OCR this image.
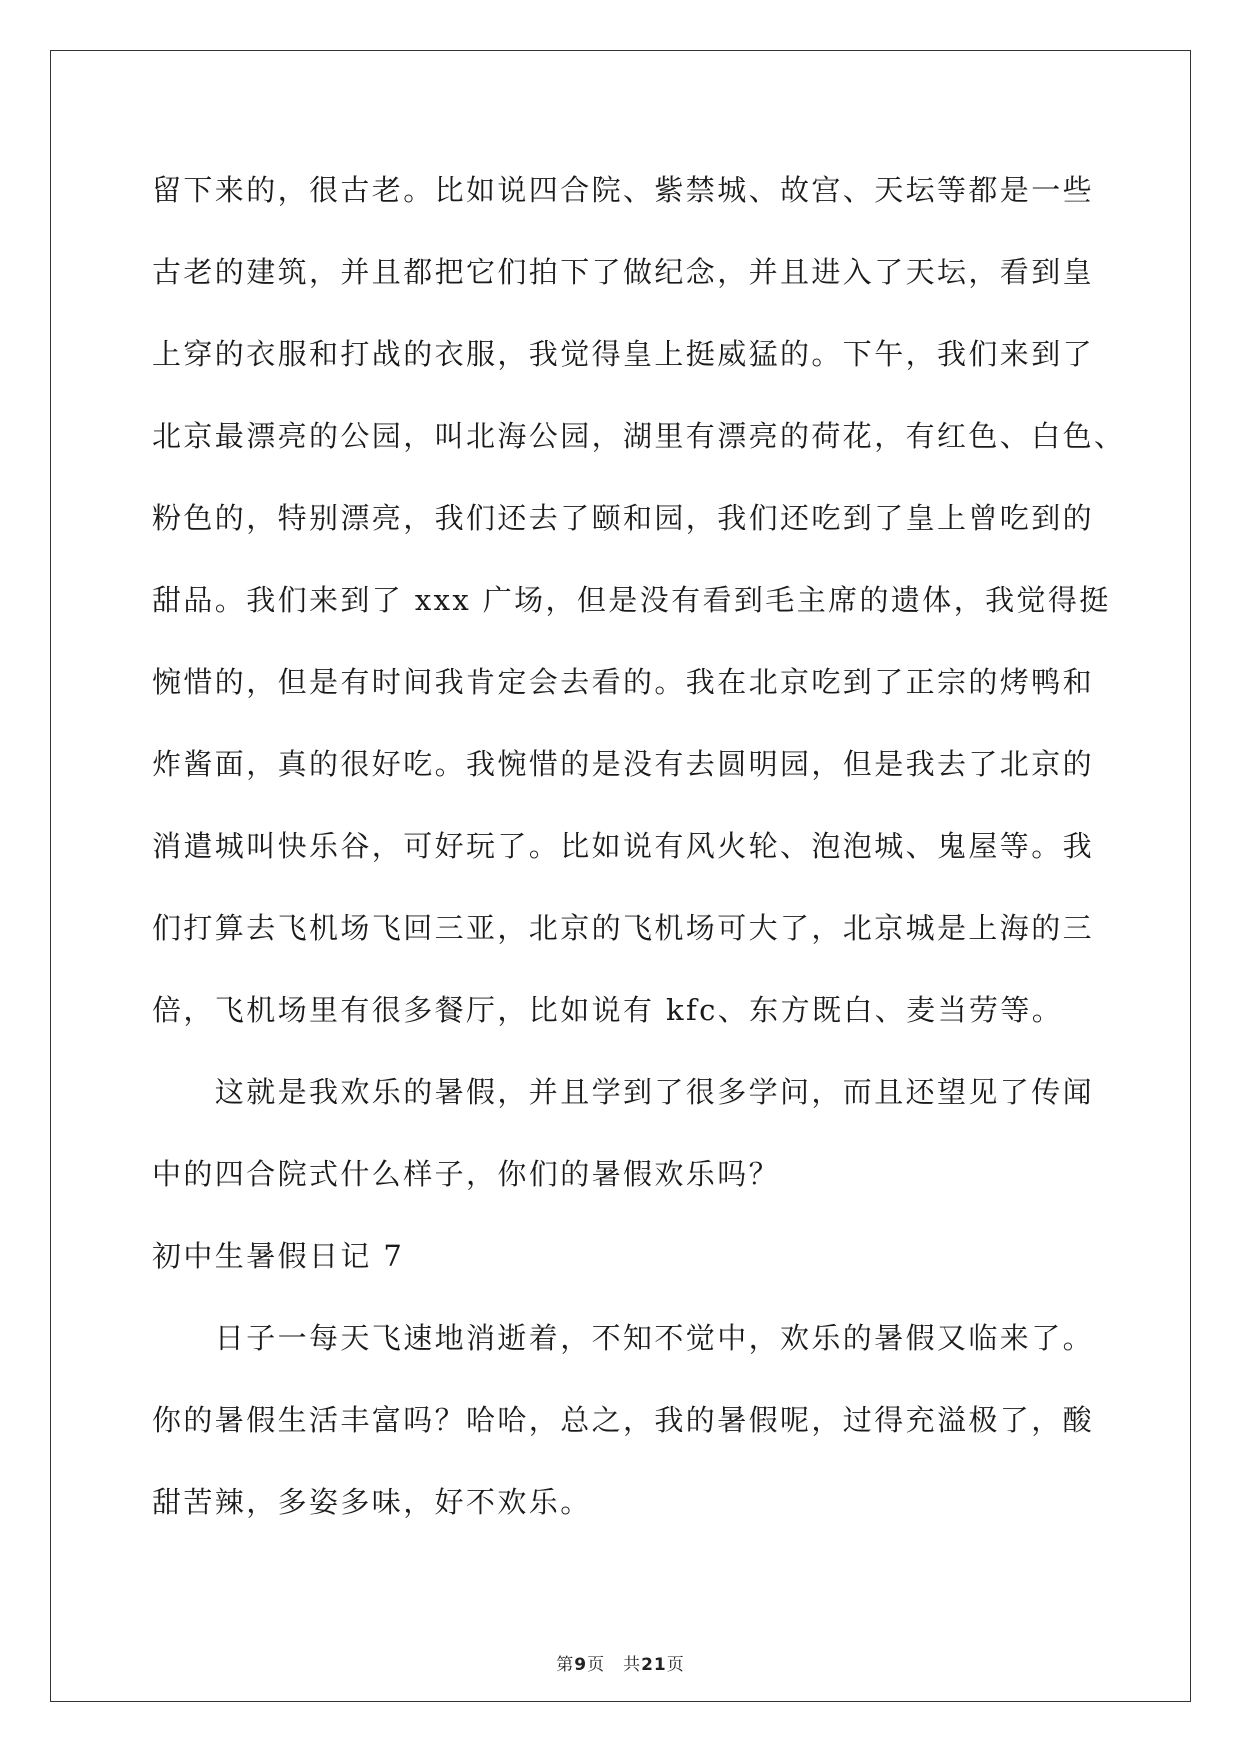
留下来的，很古老。比如说四合院、紫禁城、故宫、天坛等都是一些
古老的建筑，并且都把它们拍下了做纪念，并且进入了天坛，看到皇
上穿的衣服和打战的衣服，我觉得皇上挺威猛的。下午，我们来到了
北京最漂亮的公园，叫北海公园，湖里有漂亮的荷花，有红色、白色、
粉色的，特别漂亮，我们还去了颐和园，我们还吃到了皇上曾吃到的
甜品。我们来到了 xxx 广场，但是没有看到毛主席的遗体，我觉得挺
惋惜的，但是有时间我肯定会去看的。我在北京吃到了正宗的烤鸭和
炸酱面，真的很好吃。我惋惜的是没有去圆明园，但是我去了北京的
消遣城叫快乐谷，可好玩了。比如说有风火轮、泡泡城、鬼屋等。我
们打算去飞机场飞回三亚，北京的飞机场可大了，北京城是上海的三
倍，飞机场里有很多餐厅，比如说有 kfc、东方既白、麦当劳等。
　　这就是我欢乐的暑假，并且学到了很多学问，而且还望见了传闻
中的四合院式什么样子，你们的暑假欢乐吗？
初中生暑假日记 7
　　日子一每天飞速地消逝着，不知不觉中，欢乐的暑假又临来了。
你的暑假生活丰富吗？哈哈，总之，我的暑假呢，过得充溢极了，酸
甜苦辣，多姿多味，好不欢乐。
第9页　共21页
